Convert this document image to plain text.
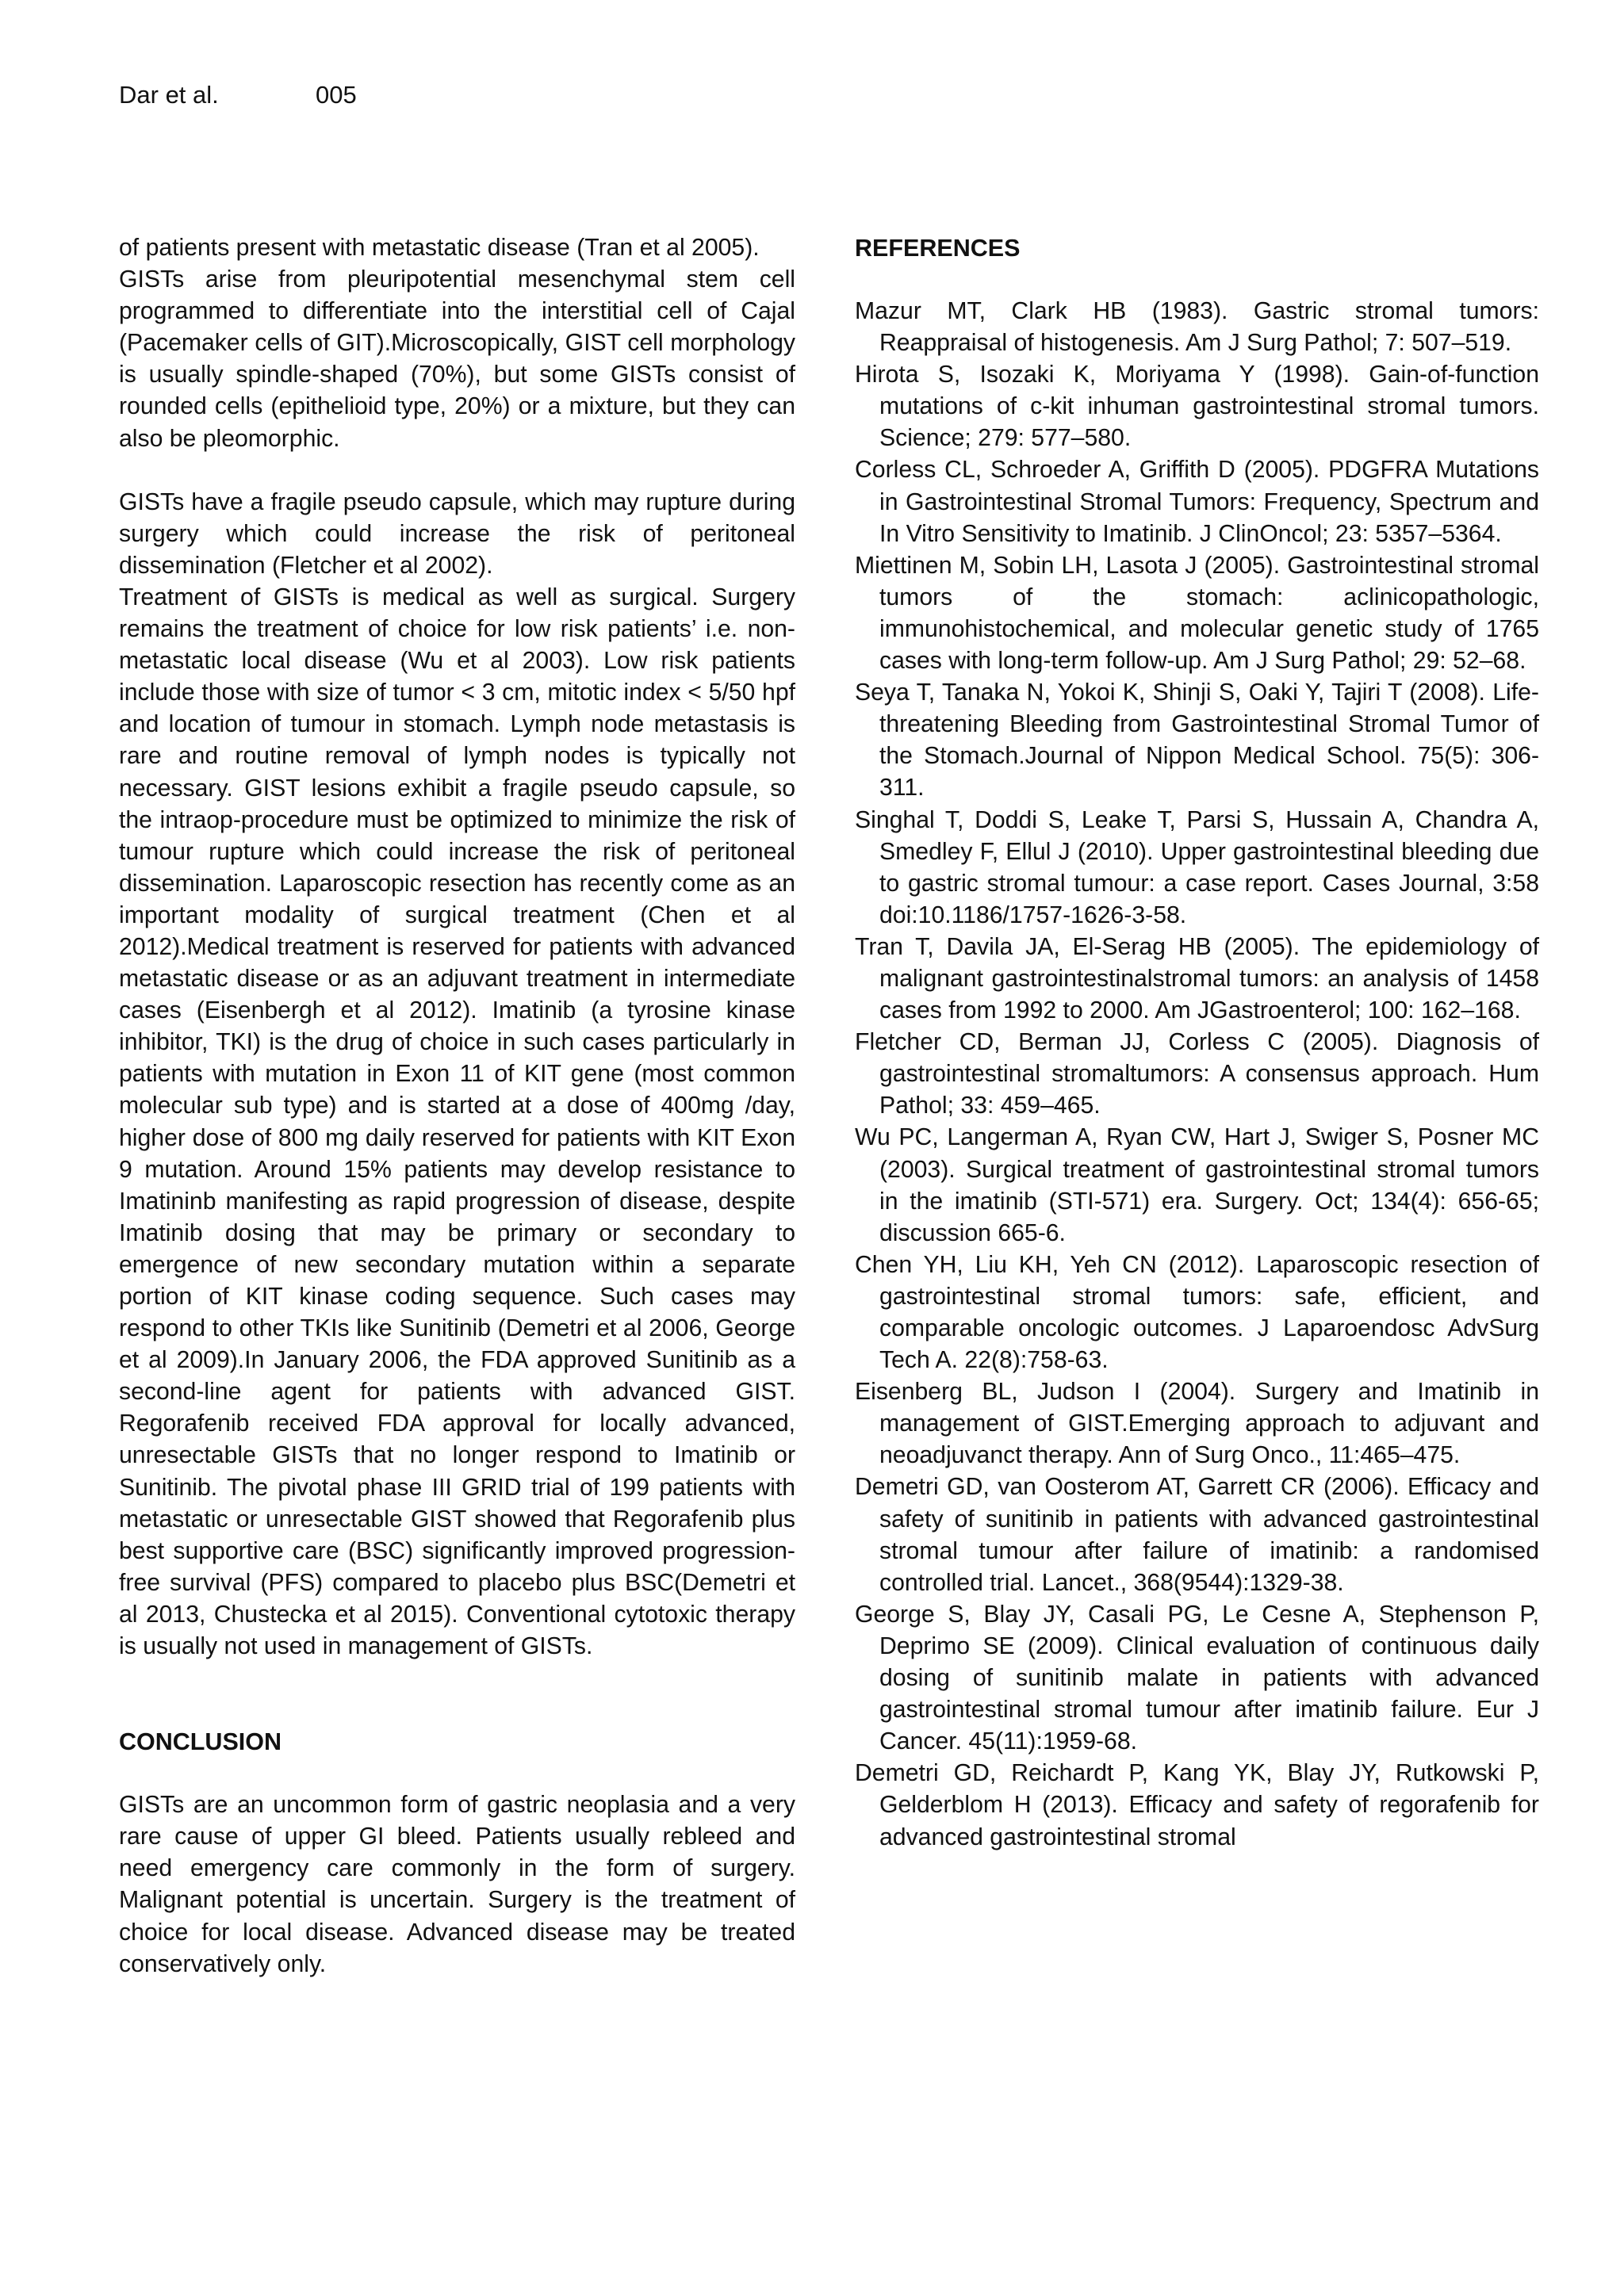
Dar et al.	005

of patients present with metastatic disease (Tran et al 2005).

GISTs arise from pleuripotential mesenchymal stem cell programmed to differentiate into the interstitial cell of Cajal (Pacemaker cells of GIT).Microscopically, GIST cell morphology is usually spindle-shaped (70%), but some GISTs consist of rounded cells (epithelioid type, 20%) or a mixture, but they can also be pleomorphic.

GISTs have a fragile pseudo capsule, which may rupture during surgery which could increase the risk of peritoneal dissemination (Fletcher et al 2002).

Treatment of GISTs is medical as well as surgical. Surgery remains the treatment of choice for low risk patients’ i.e. non-metastatic local disease (Wu et al 2003). Low risk patients include those with size of tumor < 3 cm, mitotic index < 5/50 hpf and location of tumour in stomach. Lymph node metastasis is rare and routine removal of lymph nodes is typically not necessary. GIST lesions exhibit a fragile pseudo capsule, so the intraop-procedure must be optimized to minimize the risk of tumour rupture which could increase the risk of peritoneal dissemination. Laparoscopic resection has recently come as an important modality of surgical treatment (Chen et al 2012).Medical treatment is reserved for patients with advanced metastatic disease or as an adjuvant treatment in intermediate cases (Eisenbergh et al 2012). Imatinib (a tyrosine kinase inhibitor, TKI) is the drug of choice in such cases particularly in patients with mutation in Exon 11 of KIT gene (most common molecular sub type) and is started at a dose of 400mg /day, higher dose of 800 mg daily reserved for patients with KIT Exon 9 mutation. Around 15% patients may develop resistance to Imatininb manifesting as rapid progression of disease, despite Imatinib dosing that may be primary or secondary to emergence of new secondary mutation within a separate portion of KIT kinase coding sequence. Such cases may respond to other TKIs like Sunitinib (Demetri et al 2006, George et al 2009).In January 2006, the FDA approved Sunitinib as a second-line agent for patients with advanced GIST. Regorafenib received FDA approval for locally advanced, unresectable GISTs that no longer respond to Imatinib or Sunitinib. The pivotal phase III GRID trial of 199 patients with metastatic or unresectable GIST showed that Regorafenib plus best supportive care (BSC) significantly improved progression-free survival (PFS) compared to placebo plus BSC(Demetri et al 2013, Chustecka et al 2015). Conventional cytotoxic therapy is usually not used in management of GISTs.

CONCLUSION

GISTs are an uncommon form of gastric neoplasia and a very rare cause of upper GI bleed. Patients usually rebleed and need emergency care commonly in the form of surgery. Malignant potential is uncertain. Surgery is the treatment of choice for local disease. Advanced disease may be treated conservatively only.

REFERENCES

Mazur MT, Clark HB (1983). Gastric stromal tumors: Reappraisal of histogenesis. Am J Surg Pathol; 7: 507–519.

Hirota S, Isozaki K, Moriyama Y (1998). Gain-of-function mutations of c-kit inhuman gastrointestinal stromal tumors. Science; 279: 577–580.

Corless CL, Schroeder A, Griffith D (2005). PDGFRA Mutations in Gastrointestinal Stromal Tumors: Frequency, Spectrum and In Vitro Sensitivity to Imatinib. J ClinOncol; 23: 5357–5364.

Miettinen M, Sobin LH, Lasota J (2005). Gastrointestinal stromal tumors of the stomach: aclinicopathologic, immunohistochemical, and molecular genetic study of 1765 cases with long-term follow-up. Am J Surg Pathol; 29: 52–68.

Seya T, Tanaka N, Yokoi K, Shinji S, Oaki Y, Tajiri T (2008). Life-threatening Bleeding from Gastrointestinal Stromal Tumor of the Stomach.Journal of Nippon Medical School. 75(5): 306-311.

Singhal T, Doddi S, Leake T, Parsi S, Hussain A, Chandra A, Smedley F, Ellul J (2010). Upper gastrointestinal bleeding due to gastric stromal tumour: a case report. Cases Journal, 3:58 doi:10.1186/1757-1626-3-58.

Tran T, Davila JA, El-Serag HB (2005). The epidemiology of malignant gastrointestinalstromal tumors: an analysis of 1458 cases from 1992 to 2000. Am JGastroenterol; 100: 162–168.

Fletcher CD, Berman JJ, Corless C (2005). Diagnosis of gastrointestinal stromaltumors: A consensus approach. Hum Pathol; 33: 459–465.

Wu PC, Langerman A, Ryan CW, Hart J, Swiger S, Posner MC (2003). Surgical treatment of gastrointestinal stromal tumors in the imatinib (STI-571) era. Surgery. Oct; 134(4): 656-65; discussion 665-6.

Chen YH, Liu KH, Yeh CN (2012). Laparoscopic resection of gastrointestinal stromal tumors: safe, efficient, and comparable oncologic outcomes. J Laparoendosc AdvSurg Tech A. 22(8):758-63.

Eisenberg BL, Judson I (2004). Surgery and Imatinib in management of GIST.Emerging approach to adjuvant and neoadjuvanct therapy. Ann of Surg Onco., 11:465–475.

Demetri GD, van Oosterom AT, Garrett CR (2006). Efficacy and safety of sunitinib in patients with advanced gastrointestinal stromal tumour after failure of imatinib: a randomised controlled trial. Lancet., 368(9544):1329-38.

George S, Blay JY, Casali PG, Le Cesne A, Stephenson P, Deprimo SE (2009). Clinical evaluation of continuous daily dosing of sunitinib malate in patients with advanced gastrointestinal stromal tumour after imatinib failure. Eur J Cancer. 45(11):1959-68.

Demetri GD, Reichardt P, Kang YK, Blay JY, Rutkowski P, Gelderblom H (2013). Efficacy and safety of regorafenib for advanced gastrointestinal stromal
